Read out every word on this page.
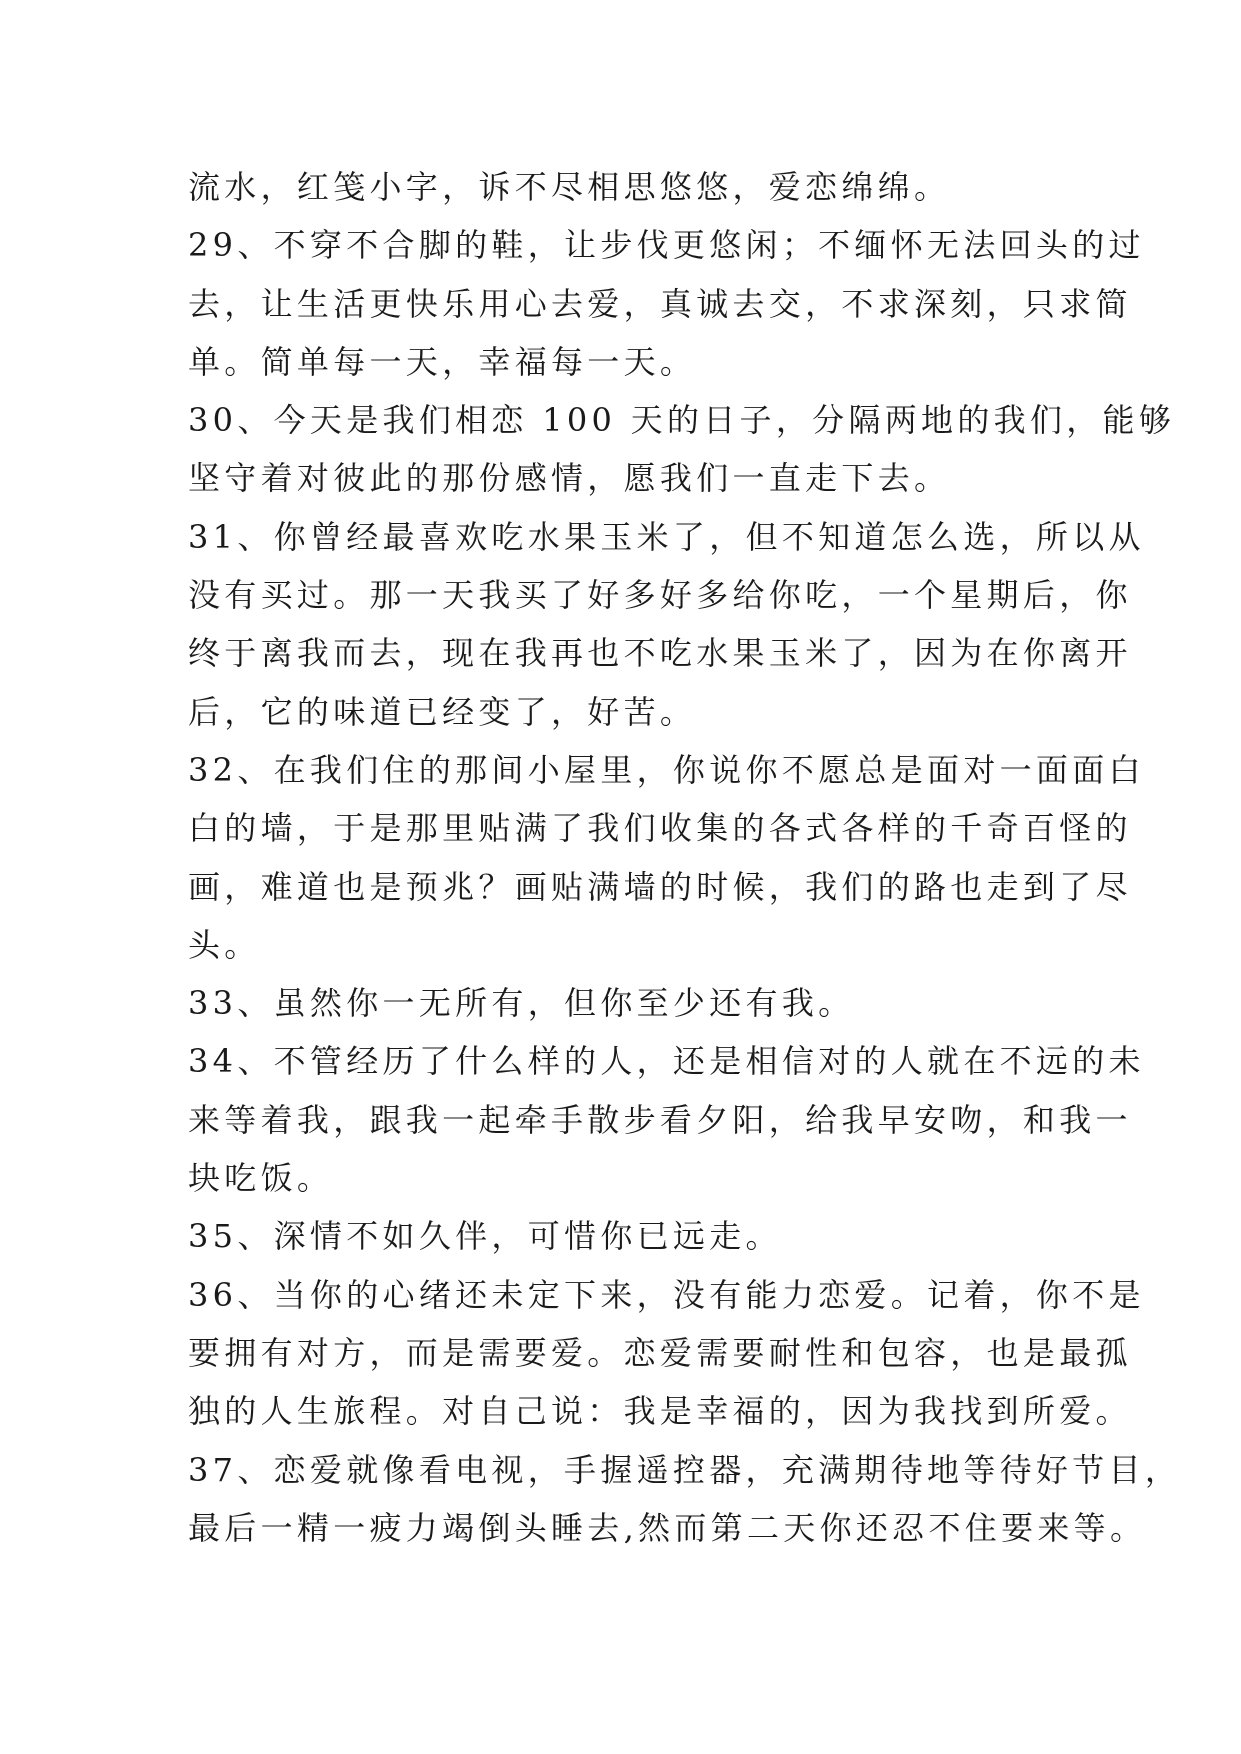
流水，红笺小字，诉不尽相思悠悠，爱恋绵绵。
29、不穿不合脚的鞋，让步伐更悠闲；不缅怀无法回头的过
去，让生活更快乐用心去爱，真诚去交，不求深刻，只求简
单。简单每一天，幸福每一天。
30、今天是我们相恋 100 天的日子，分隔两地的我们，能够
坚守着对彼此的那份感情，愿我们一直走下去。
31、你曾经最喜欢吃水果玉米了，但不知道怎么选，所以从
没有买过。那一天我买了好多好多给你吃，一个星期后，你
终于离我而去，现在我再也不吃水果玉米了，因为在你离开
后，它的味道已经变了，好苦。
32、在我们住的那间小屋里，你说你不愿总是面对一面面白
白的墙，于是那里贴满了我们收集的各式各样的千奇百怪的
画，难道也是预兆？画贴满墙的时候，我们的路也走到了尽
头。
33、虽然你一无所有，但你至少还有我。
34、不管经历了什么样的人，还是相信对的人就在不远的未
来等着我，跟我一起牵手散步看夕阳，给我早安吻，和我一
块吃饭。
35、深情不如久伴，可惜你已远走。
36、当你的心绪还未定下来，没有能力恋爱。记着，你不是
要拥有对方，而是需要爱。恋爱需要耐性和包容，也是最孤
独的人生旅程。对自己说：我是幸福的，因为我找到所爱。
37、恋爱就像看电视，手握遥控器，充满期待地等待好节目，
最后一精一疲力竭倒头睡去,然而第二天你还忍不住要来等。
